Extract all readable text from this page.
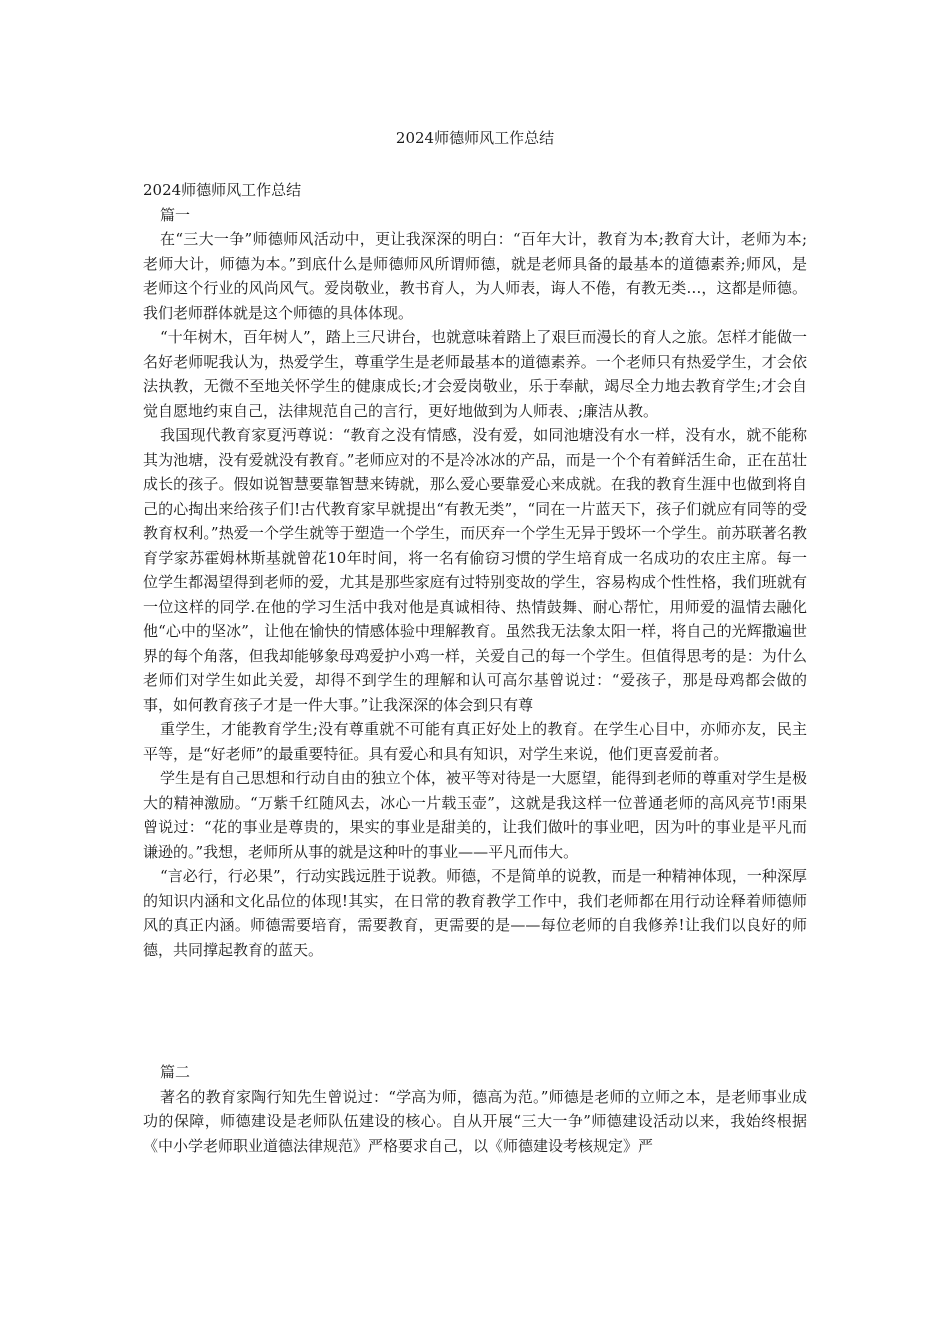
2024师德师风工作总结

2024师德师风工作总结

篇一

在“三大一争”师德师风活动中，更让我深深的明白：“百年大计，教育为本;教育大计，老师为本;老师大计，师德为本。”到底什么是师德师风所谓师德，就是老师具备的最基本的道德素养;师风，是老师这个行业的风尚风气。爱岗敬业，教书育人，为人师表，诲人不倦，有教无类…，这都是师德。我们老师群体就是这个师德的具体体现。

“十年树木，百年树人”，踏上三尺讲台，也就意味着踏上了艰巨而漫长的育人之旅。怎样才能做一名好老师呢我认为，热爱学生，尊重学生是老师最基本的道德素养。一个老师只有热爱学生，才会依法执教，无微不至地关怀学生的健康成长;才会爱岗敬业，乐于奉献，竭尽全力地去教育学生;才会自觉自愿地约束自己，法律规范自己的言行，更好地做到为人师表、;廉洁从教。

我国现代教育家夏沔尊说：“教育之没有情感，没有爱，如同池塘没有水一样，没有水，就不能称其为池塘，没有爱就没有教育。”老师应对的不是冷冰冰的产品，而是一个个有着鲜活生命，正在茁壮成长的孩子。假如说智慧要靠智慧来铸就，那么爱心要靠爱心来成就。在我的教育生涯中也做到将自己的心掏出来给孩子们!古代教育家早就提出“有教无类”，“同在一片蓝天下，孩子们就应有同等的受教育权利。”热爱一个学生就等于塑造一个学生，而厌弃一个学生无异于毁坏一个学生。前苏联著名教育学家苏霍姆林斯基就曾花10年时间，将一名有偷窃习惯的学生培育成一名成功的农庄主席。每一位学生都渴望得到老师的爱，尤其是那些家庭有过特别变故的学生，容易构成个性性格，我们班就有一位这样的同学.在他的学习生活中我对他是真诚相待、热情鼓舞、耐心帮忙，用师爱的温情去融化他“心中的坚冰”，让他在愉快的情感体验中理解教育。虽然我无法象太阳一样，将自己的光辉撒遍世界的每个角落，但我却能够象母鸡爱护小鸡一样，关爱自己的每一个学生。但值得思考的是：为什么老师们对学生如此关爱，却得不到学生的理解和认可高尔基曾说过：“爱孩子，那是母鸡都会做的事，如何教育孩子才是一件大事。”让我深深的体会到只有尊

重学生，才能教育学生;没有尊重就不可能有真正好处上的教育。在学生心目中，亦师亦友，民主平等，是“好老师”的最重要特征。具有爱心和具有知识，对学生来说，他们更喜爱前者。

学生是有自己思想和行动自由的独立个体，被平等对待是一大愿望，能得到老师的尊重对学生是极大的精神激励。“万紫千红随风去，冰心一片载玉壶”，这就是我这样一位普通老师的高风亮节!雨果曾说过：“花的事业是尊贵的，果实的事业是甜美的，让我们做叶的事业吧，因为叶的事业是平凡而谦逊的。”我想，老师所从事的就是这种叶的事业——平凡而伟大。

“言必行，行必果”，行动实践远胜于说教。师德，不是简单的说教，而是一种精神体现，一种深厚的知识内涵和文化品位的体现!其实，在日常的教育教学工作中，我们老师都在用行动诠释着师德师风的真正内涵。师德需要培育，需要教育，更需要的是——每位老师的自我修养!让我们以良好的师德，共同撑起教育的蓝天。

篇二

著名的教育家陶行知先生曾说过：“学高为师，德高为范。”师德是老师的立师之本，是老师事业成功的保障，师德建设是老师队伍建设的核心。自从开展“三大一争”师德建设活动以来，我始终根据《中小学老师职业道德法律规范》严格要求自己，以《师德建设考核规定》严
